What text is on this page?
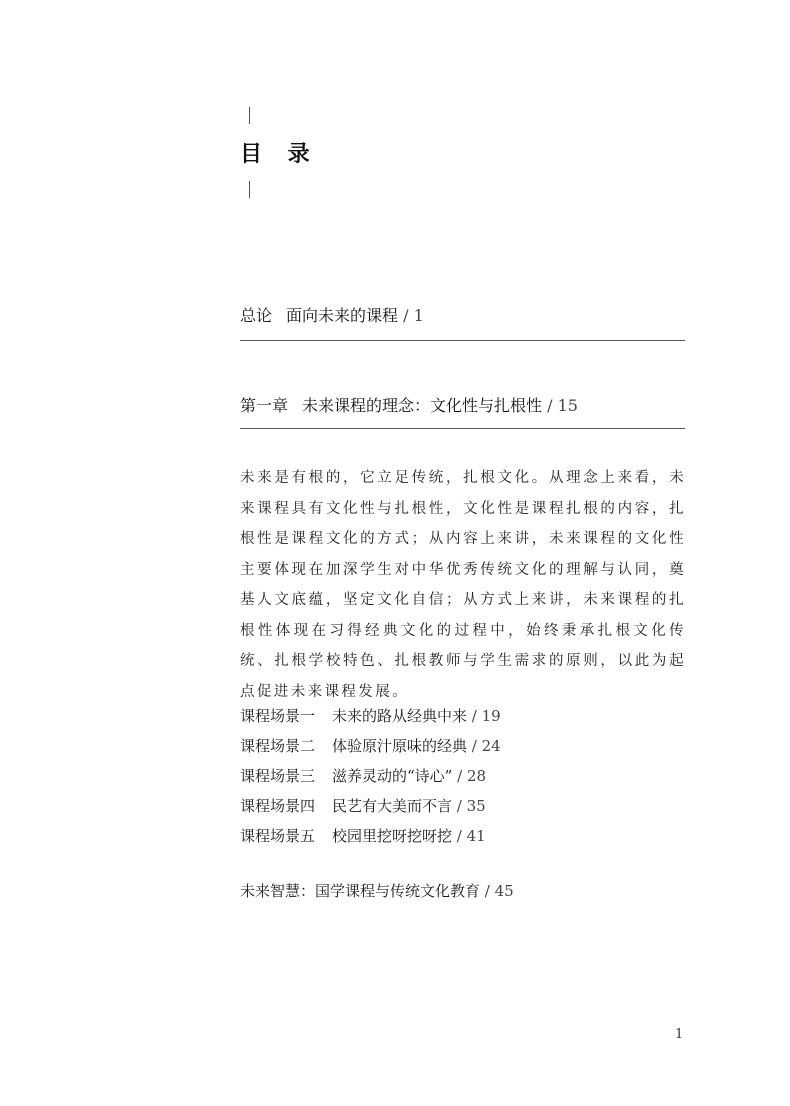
目 录
总论 面向未来的课程 / 1
第一章 未来课程的理念：文化性与扎根性 / 15

未来是有根的，它立足传统，扎根文化。从理念上来看，未来课程具有文化性与扎根性，文化性是课程扎根的内容，扎根性是课程文化的方式；从内容上来讲，未来课程的文化性主要体现在加深学生对中华优秀传统文化的理解与认同，奠基人文底蕴，坚定文化自信；从方式上来讲，未来课程的扎根性体现在习得经典文化的过程中，始终秉承扎根文化传统、扎根学校特色、扎根教师与学生需求的原则，以此为起点促进未来课程发展。

课程场景一 未来的路从经典中来 / 19
课程场景二 体验原汁原味的经典 / 24
课程场景三 滋养灵动的“诗心” / 28
课程场景四 民艺有大美而不言 / 35
课程场景五 校园里挖呀挖呀挖 / 41
未来智慧：国学课程与传统文化教育 / 45
1
